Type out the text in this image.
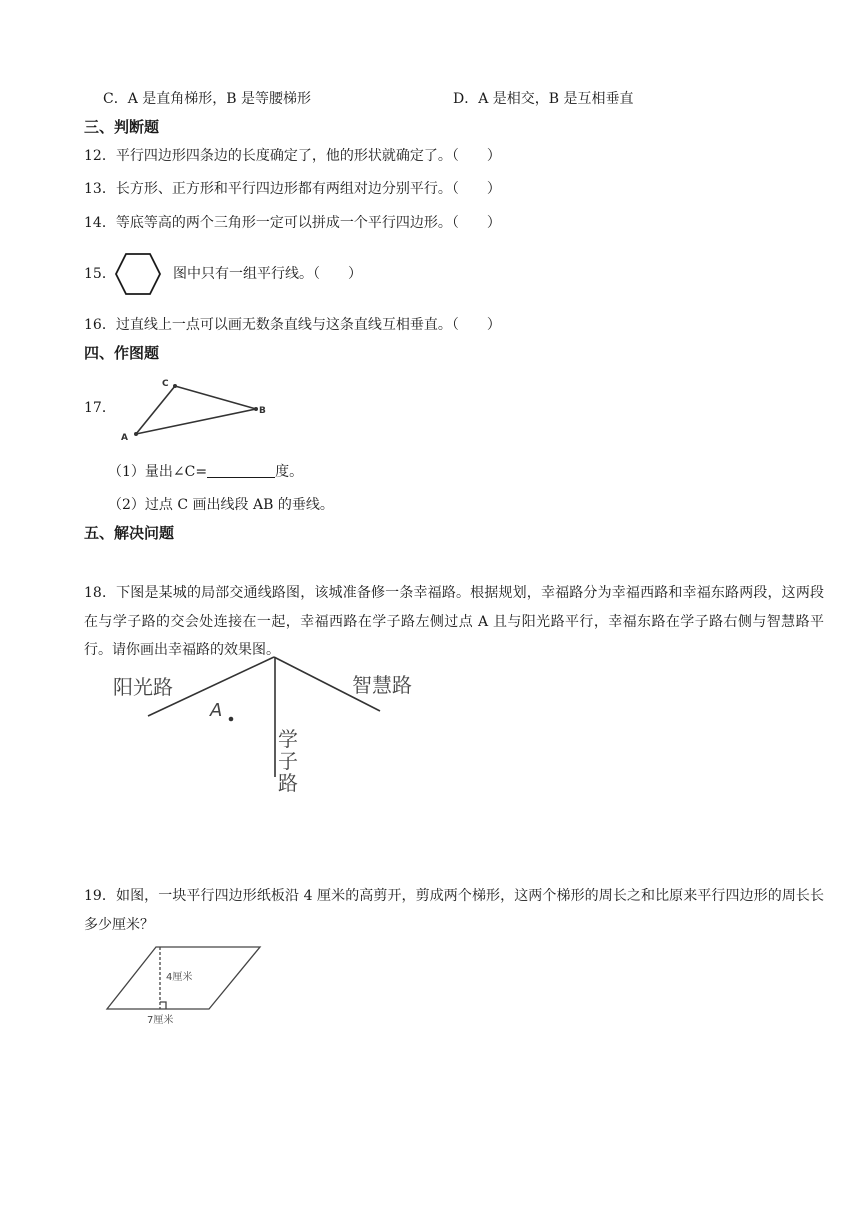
C．A 是直角梯形，B 是等腰梯形	D．A 是相交，B 是互相垂直
三、判断题
12．平行四边形四条边的长度确定了，他的形状就确定了。（　　）
13．长方形、正方形和平行四边形都有两组对边分别平行。（　　）
14．等底等高的两个三角形一定可以拼成一个平行四边形。（　　）
15．	图中只有一组平行线。（　　）
16．过直线上一点可以画无数条直线与这条直线互相垂直。（　　）
四、作图题
17．
C
B
A
（1）量出∠C=	度。
（2）过点 C 画出线段 AB 的垂线。
五、解决问题
18．下图是某城的局部交通线路图，该城准备修一条幸福路。根据规划，幸福路分为幸福西路和幸福东路两段，这两段在与学子路的交会处连接在一起，幸福西路在学子路左侧过点 A 且与阳光路平行，幸福东路在学子路右侧与智慧路平行。请你画出幸福路的效果图。
阳光路	智慧路
A
学
子
路
19．如图，一块平行四边形纸板沿 4 厘米的高剪开，剪成两个梯形，这两个梯形的周长之和比原来平行四边形的周长长多少厘米？
4厘米
7厘米
